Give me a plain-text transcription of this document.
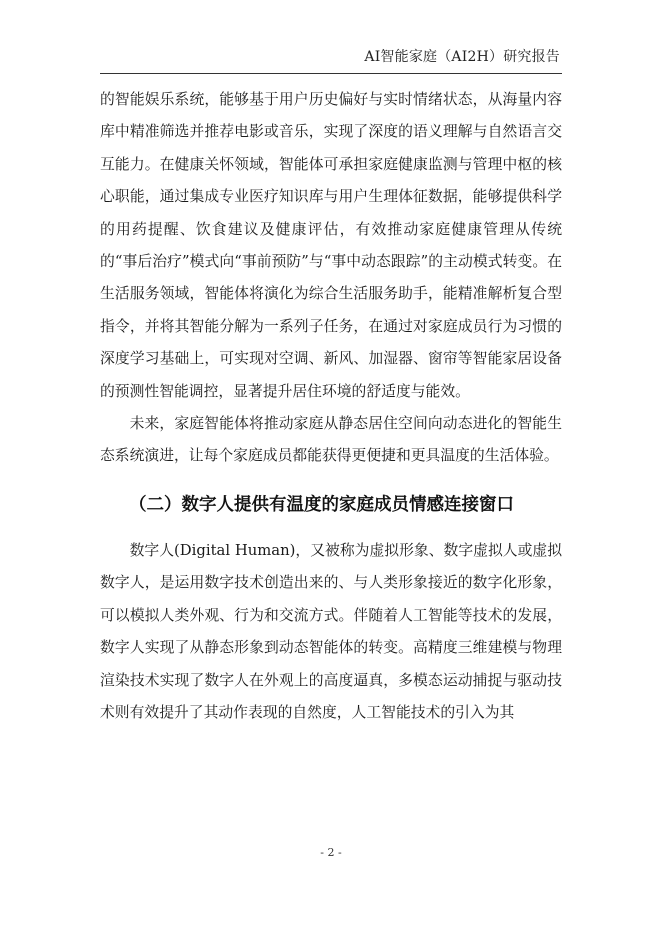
AI智能家庭（AI2H）研究报告

的智能娱乐系统，能够基于用户历史偏好与实时情绪状态，从海量内容库中精准筛选并推荐电影或音乐，实现了深度的语义理解与自然语言交互能力。在健康关怀领域，智能体可承担家庭健康监测与管理中枢的核心职能，通过集成专业医疗知识库与用户生理体征数据，能够提供科学的用药提醒、饮食建议及健康评估，有效推动家庭健康管理从传统的“事后治疗”模式向“事前预防”与“事中动态跟踪”的主动模式转变。在生活服务领域，智能体将演化为综合生活服务助手，能精准解析复合型指令，并将其智能分解为一系列子任务，在通过对家庭成员行为习惯的深度学习基础上，可实现对空调、新风、加湿器、窗帘等智能家居设备的预测性智能调控，显著提升居住环境的舒适度与能效。

未来，家庭智能体将推动家庭从静态居住空间向动态进化的智能生态系统演进，让每个家庭成员都能获得更便捷和更具温度的生活体验。

（二）数字人提供有温度的家庭成员情感连接窗口

数字人(Digital Human)，又被称为虚拟形象、数字虚拟人或虚拟数字人，是运用数字技术创造出来的、与人类形象接近的数字化形象，可以模拟人类外观、行为和交流方式。伴随着人工智能等技术的发展，数字人实现了从静态形象到动态智能体的转变。高精度三维建模与物理渲染技术实现了数字人在外观上的高度逼真，多模态运动捕捉与驱动技术则有效提升了其动作表现的自然度，人工智能技术的引入为其

- 2 -
